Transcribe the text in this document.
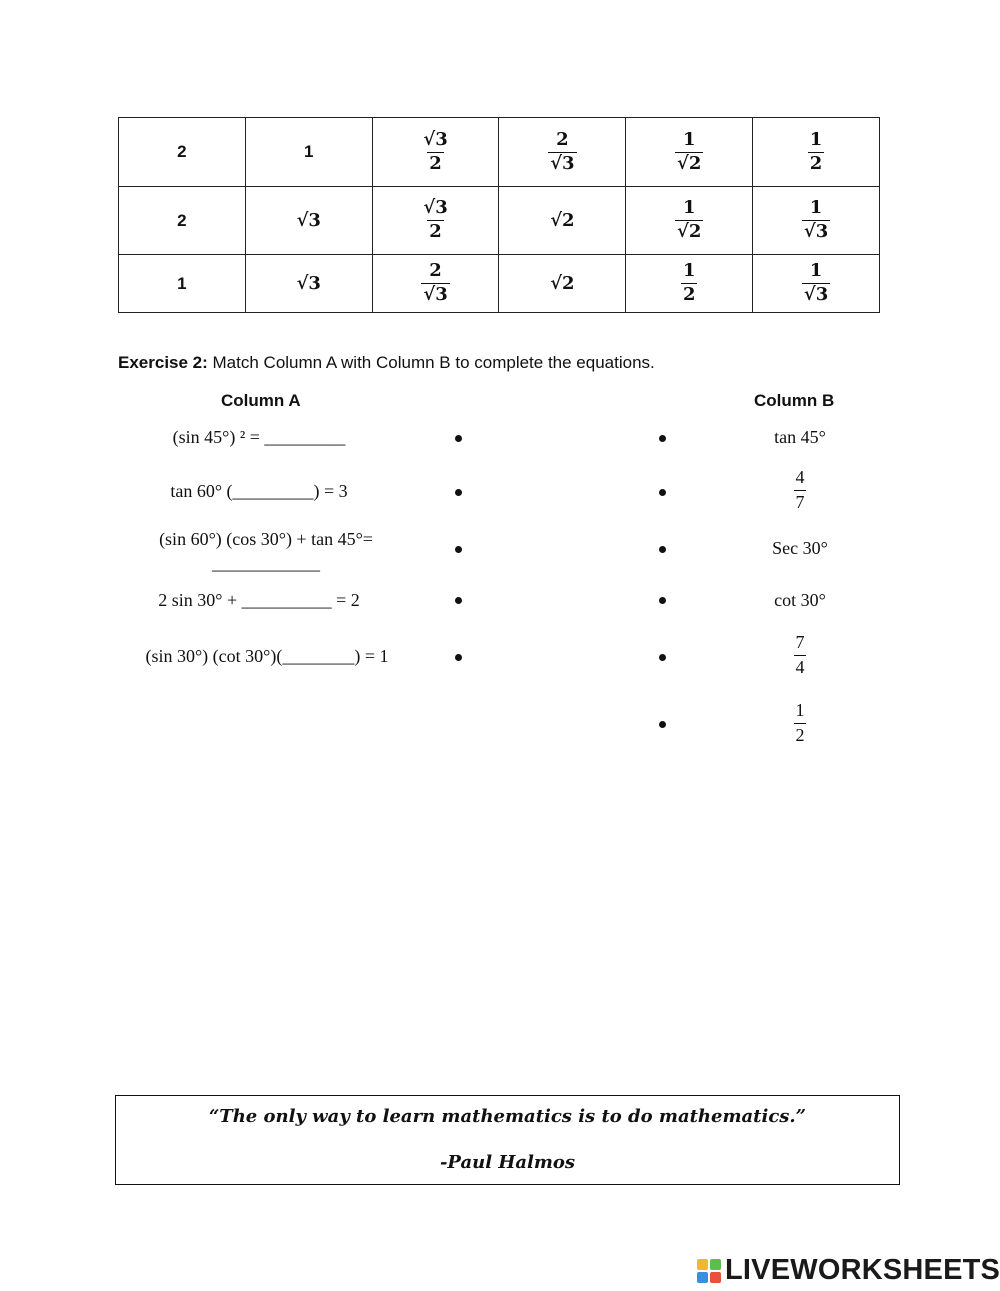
2	1	$\frac{√3}{2}$	$\frac{2}{√3}$	$\frac{1}{√2}$	$\frac{1}{2}$

2	√3	$\frac{√3}{2}$	√2	$\frac{1}{√2}$	$\frac{1}{√3}$

1	√3	$\frac{2}{√3}$	√2	$\frac{1}{2}$	$\frac{1}{√3}$
Exercise 2: Match Column A with Column B to complete the equations.
Column A	Column B
(sin 45°) ² = _________
tan 60° (_________) = 3
(sin 60°) (cos 30°) + tan 45°=
____________
2 sin 30° + __________ = 2
(sin 30°) (cot 30°)(________) = 1
tan 45°
$\frac{4}{7}$
Sec 30°
cot 30°
$\frac{7}{4}$
$\frac{1}{2}$
“The only way to learn mathematics is to do mathematics.”
-Paul Halmos
LIVEWORKSHEETS
